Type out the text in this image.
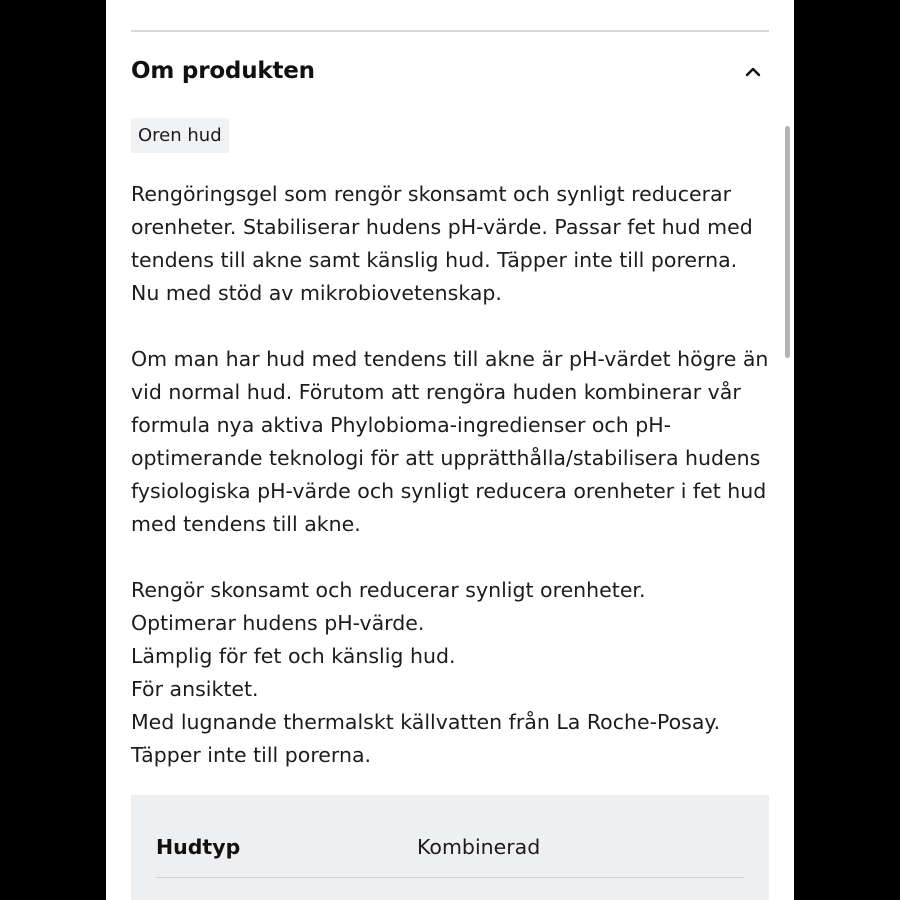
Om produkten
Oren hud

Rengöringsgel som rengör skonsamt och synligt reducerar orenheter. Stabiliserar hudens pH-värde. Passar fet hud med tendens till akne samt känslig hud. Täpper inte till porerna. Nu med stöd av mikrobiovetenskap.

Om man har hud med tendens till akne är pH-värdet högre än vid normal hud. Förutom att rengöra huden kombinerar vår formula nya aktiva Phylobioma-ingredienser och pH-optimerande teknologi för att upprätthålla/stabilisera hudens fysiologiska pH-värde och synligt reducera orenheter i fet hud med tendens till akne.

Rengör skonsamt och reducerar synligt orenheter.
Optimerar hudens pH-värde.
Lämplig för fet och känslig hud.
För ansiktet.
Med lugnande thermalskt källvatten från La Roche-Posay.
Täpper inte till porerna.
Hudtyp	Kombinerad
